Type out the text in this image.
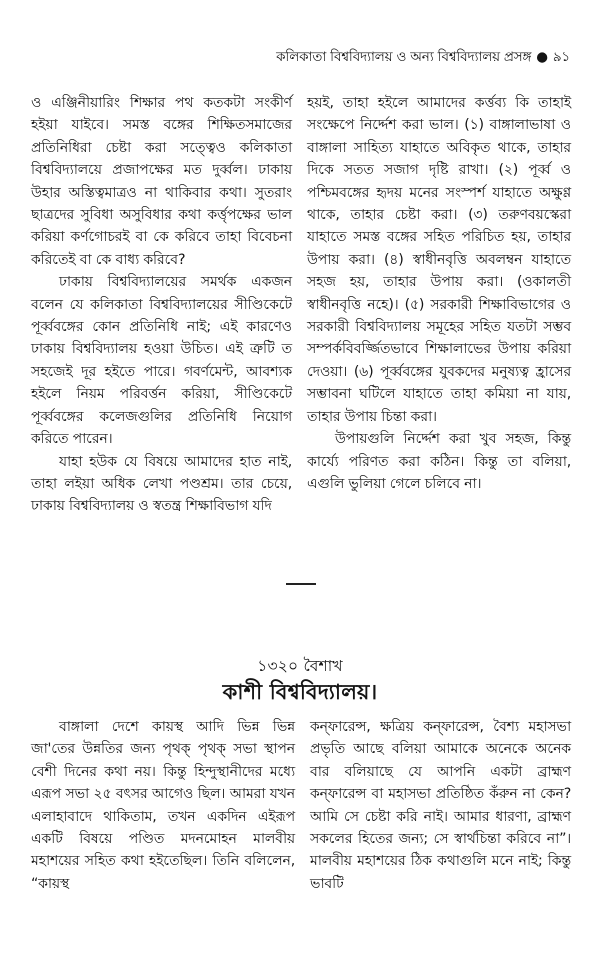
কলিকাতা বিশ্ববিদ্যালয় ও অন্য বিশ্ববিদ্যালয় প্রসঙ্গ ● ৯১

ও এঞ্জিনীয়ারিং শিক্ষার পথ কতকটা সংকীর্ণ হইয়া যাইবে। সমস্ত বঙ্গের শিক্ষিতসমাজের প্রতিনিধিরা চেষ্টা করা সত্ত্বেও কলিকাতা বিশ্ববিদ্যালয়ে প্রজাপক্ষের মত দুর্ব্বল। ঢাকায় উহার অস্তিত্বমাত্রও না থাকিবার কথা। সুতরাং ছাত্রদের সুবিধা অসুবিধার কথা কর্ত্তৃপক্ষের ভাল করিয়া কর্ণগোচরই বা কে করিবে তাহা বিবেচনা করিতেই বা কে বাধ্য করিবে?

ঢাকায় বিশ্ববিদ্যালয়ের সমর্থক একজন বলেন যে কলিকাতা বিশ্ববিদ্যালয়ের সীণ্ডিকেটে পূর্ব্ববঙ্গের কোন প্রতিনিধি নাই; এই কারণেও ঢাকায় বিশ্ববিদ্যালয় হওয়া উচিত। এই ত্রুটি ত সহজেই দূর হইতে পারে। গবর্ণমেন্ট, আবশ্যক হইলে নিয়ম পরিবর্ত্তন করিয়া, সীণ্ডিকেটে পূর্ব্ববঙ্গের কলেজগুলির প্রতিনিধি নিয়োগ করিতে পারেন।

যাহা হউক যে বিষয়ে আমাদের হাত নাই, তাহা লইয়া অধিক লেখা পণ্ডশ্রম। তার চেয়ে, ঢাকায় বিশ্ববিদ্যালয় ও স্বতন্ত্র শিক্ষাবিভাগ যদি

হয়ই, তাহা হইলে আমাদের কর্ত্তব্য কি তাহাই সংক্ষেপে নির্দ্দেশ করা ভাল। (১) বাঙ্গালাভাষা ও বাঙ্গালা সাহিত্য যাহাতে অবিকৃত থাকে, তাহার দিকে সতত সজাগ দৃষ্টি রাখা। (২) পূর্ব্ব ও পশ্চিমবঙ্গের হৃদয় মনের সংস্পর্শ যাহাতে অক্ষুণ্ণ থাকে, তাহার চেষ্টা করা। (৩) তরুণবয়স্কেরা যাহাতে সমস্ত বঙ্গের সহিত পরিচিত হয়, তাহার উপায় করা। (৪) স্বাধীনবৃত্তি অবলম্বন যাহাতে সহজ হয়, তাহার উপায় করা। (ওকালতী স্বাধীনবৃত্তি নহে)। (৫) সরকারী শিক্ষাবিভাগের ও সরকারী বিশ্ববিদ্যালয় সমূহের সহিত যতটা সম্ভব সম্পর্কবিবর্জ্জিতভাবে শিক্ষালাভের উপায় করিয়া দেওয়া। (৬) পূর্ব্ববঙ্গের যুবকদের মনুষ্যত্ব হ্রাসের সম্ভাবনা ঘটিলে যাহাতে তাহা কমিয়া না যায়, তাহার উপায় চিন্তা করা।

উপায়গুলি নির্দ্দেশ করা খুব সহজ, কিন্তু কার্য্যে পরিণত করা কঠিন। কিন্তু তা বলিয়া, এগুলি ভুলিয়া গেলে চলিবে না।

১৩২০ বৈশাখ
কাশী বিশ্ববিদ্যালয়।

বাঙ্গালা দেশে কায়স্থ আদি ভিন্ন ভিন্ন জা'তের উন্নতির জন্য পৃথক্ পৃথক্ সভা স্থাপন বেশী দিনের কথা নয়। কিন্তু হিন্দুস্থানীদের মধ্যে এরূপ সভা ২৫ বৎসর আগেও ছিল। আমরা যখন এলাহাবাদে থাকিতাম, তখন একদিন এইরূপ একটি বিষয়ে পণ্ডিত মদনমোহন মালবীয় মহাশয়ের সহিত কথা হইতেছিল। তিনি বলিলেন, “কায়স্থ

কন্‌ফারেন্স, ক্ষত্রিয় কন্‌ফারেন্স, বৈশ্য মহাসভা প্রভৃতি আছে বলিয়া আমাকে অনেকে অনেক বার বলিয়াছে যে আপনি একটা ব্রাহ্মণ কন্‌ফারেন্স বা মহাসভা প্রতিষ্ঠিত কঁরুন না কেন? আমি সে চেষ্টা করি নাই। আমার ধারণা, ব্রাহ্মণ সকলের হিতের জন্য; সে স্বার্থচিন্তা করিবে না”। মালবীয় মহাশয়ের ঠিক কথাগুলি মনে নাই; কিন্তু ভাবটি
